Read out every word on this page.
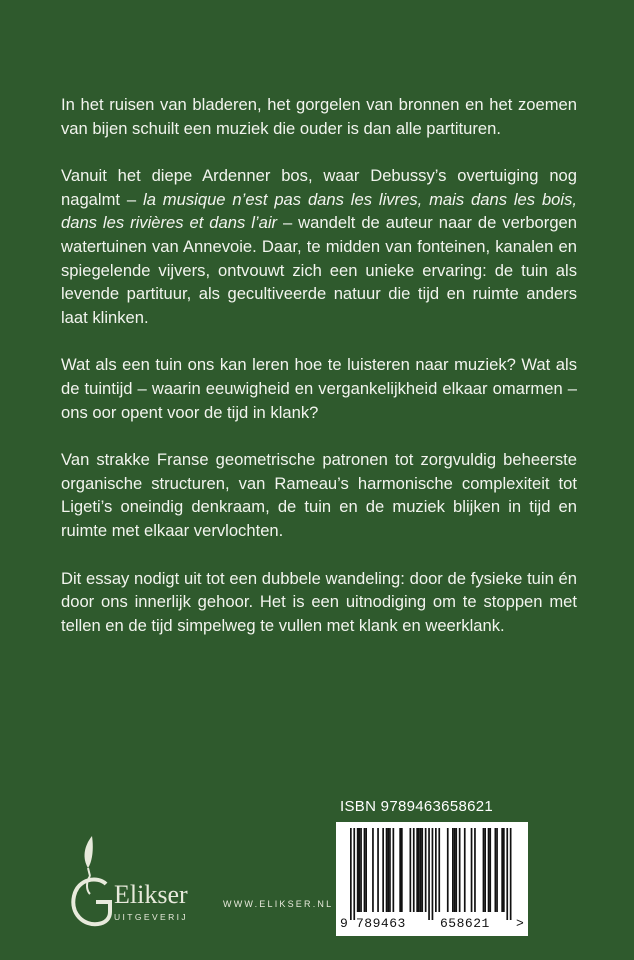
In het ruisen van bladeren, het gorgelen van bronnen en het zoemen van bijen schuilt een muziek die ouder is dan alle partituren.

Vanuit het diepe Ardenner bos, waar Debussy’s overtuiging nog nagalmt – la musique n’est pas dans les livres, mais dans les bois, dans les rivières et dans l’air – wandelt de auteur naar de verborgen watertuinen van Annevoie. Daar, te midden van fonteinen, kanalen en spiegelende vijvers, ontvouwt zich een unieke ervaring: de tuin als levende partituur, als gecultiveerde natuur die tijd en ruimte anders laat klinken.

Wat als een tuin ons kan leren hoe te luisteren naar muziek? Wat als de tuintijd – waarin eeuwigheid en vergankelijkheid elkaar omarmen – ons oor opent voor de tijd in klank?

Van strakke Franse geometrische patronen tot zorgvuldig beheerste organische structuren, van Rameau’s harmonische complexiteit tot Ligeti’s oneindig denkraam, de tuin en de muziek blijken in tijd en ruimte met elkaar vervlochten.

Dit essay nodigt uit tot een dubbele wandeling: door de fysieke tuin én door ons innerlijk gehoor. Het is een uitnodiging om te stoppen met tellen en de tijd simpelweg te vullen met klank en weerklank.

ISBN 9789463658621
9 789463	658621 >
Elikser
UITGEVERIJ
WWW.ELIKSER.NL
